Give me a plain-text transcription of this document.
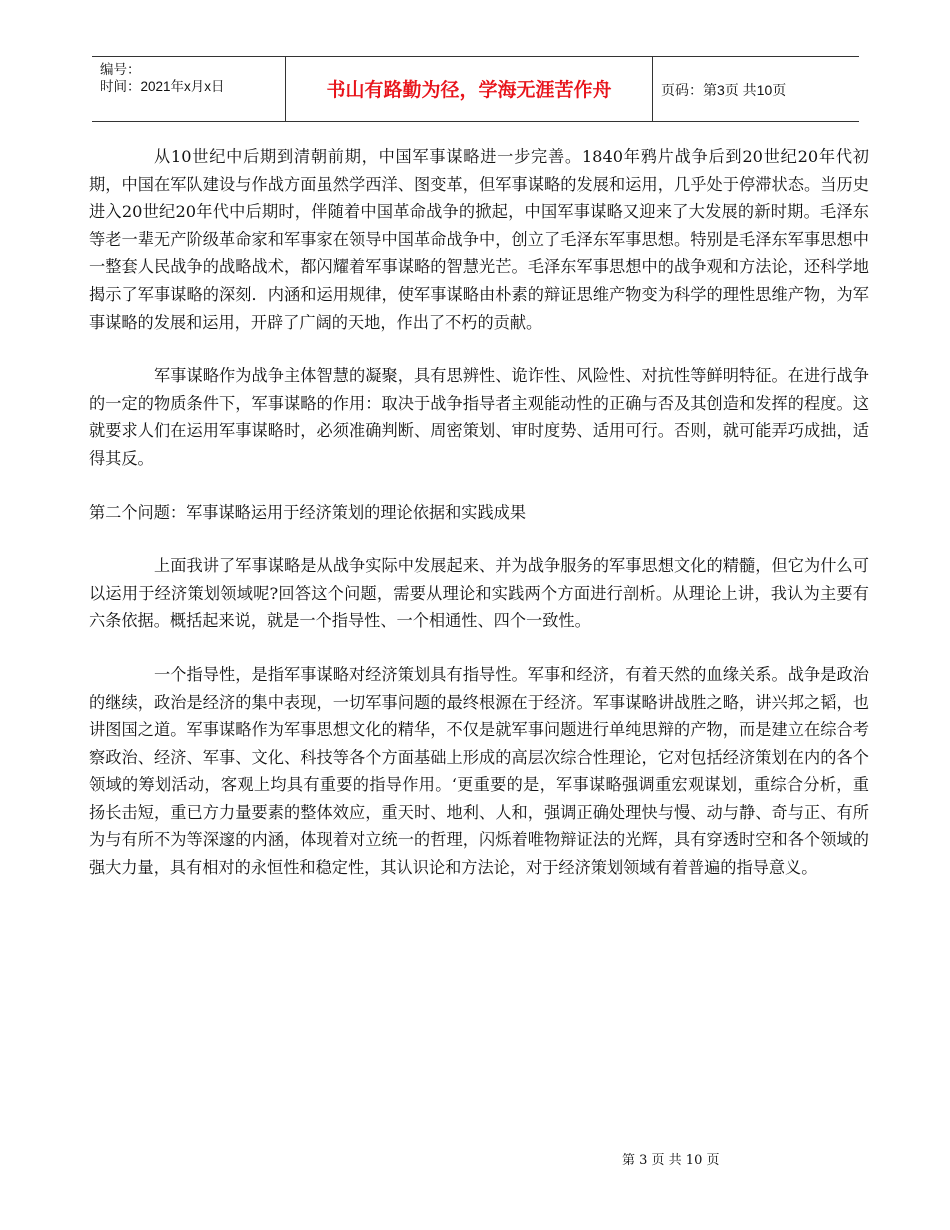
编号：
时间：2021年x月x日	书山有路勤为径，学海无涯苦作舟	页码：第3页 共10页

从10世纪中后期到清朝前期，中国军事谋略进一步完善。1840年鸦片战争后到20世纪20年代初期，中国在军队建设与作战方面虽然学西洋、图变革，但军事谋略的发展和运用，几乎处于停滞状态。当历史进入20世纪20年代中后期时，伴随着中国革命战争的掀起，中国军事谋略又迎来了大发展的新时期。毛泽东等老一辈无产阶级革命家和军事家在领导中国革命战争中，创立了毛泽东军事思想。特别是毛泽东军事思想中一整套人民战争的战略战术，都闪耀着军事谋略的智慧光芒。毛泽东军事思想中的战争观和方法论，还科学地揭示了军事谋略的深刻．内涵和运用规律，使军事谋略由朴素的辩证思维产物变为科学的理性思维产物，为军事谋略的发展和运用，开辟了广阔的天地，作出了不朽的贡献。

军事谋略作为战争主体智慧的凝聚，具有思辨性、诡诈性、风险性、对抗性等鲜明特征。在进行战争的一定的物质条件下，军事谋略的作用：取决于战争指导者主观能动性的正确与否及其创造和发挥的程度。这就要求人们在运用军事谋略时，必须准确判断、周密策划、审时度势、适用可行。否则，就可能弄巧成拙，适得其反。

第二个问题：军事谋略运用于经济策划的理论依据和实践成果

上面我讲了军事谋略是从战争实际中发展起来、并为战争服务的军事思想文化的精髓，但它为什么可以运用于经济策划领域呢?回答这个问题，需要从理论和实践两个方面进行剖析。从理论上讲，我认为主要有六条依据。概括起来说，就是一个指导性、一个相通性、四个一致性。

一个指导性，是指军事谋略对经济策划具有指导性。军事和经济，有着天然的血缘关系。战争是政治的继续，政治是经济的集中表现，一切军事问题的最终根源在于经济。军事谋略讲战胜之略，讲兴邦之韬，也讲图国之道。军事谋略作为军事思想文化的精华，不仅是就军事问题进行单纯思辩的产物，而是建立在综合考察政治、经济、军事、文化、科技等各个方面基础上形成的高层次综合性理论，它对包括经济策划在内的各个领域的筹划活动，客观上均具有重要的指导作用。‘更重要的是，军事谋略强调重宏观谋划，重综合分析，重扬长击短，重已方力量要素的整体效应，重天时、地利、人和，强调正确处理快与慢、动与静、奇与正、有所为与有所不为等深邃的内涵，体现着对立统一的哲理，闪烁着唯物辩证法的光辉，具有穿透时空和各个领域的强大力量，具有相对的永恒性和稳定性，其认识论和方法论，对于经济策划领域有着普遍的指导意义。

第 3 页 共 10 页
